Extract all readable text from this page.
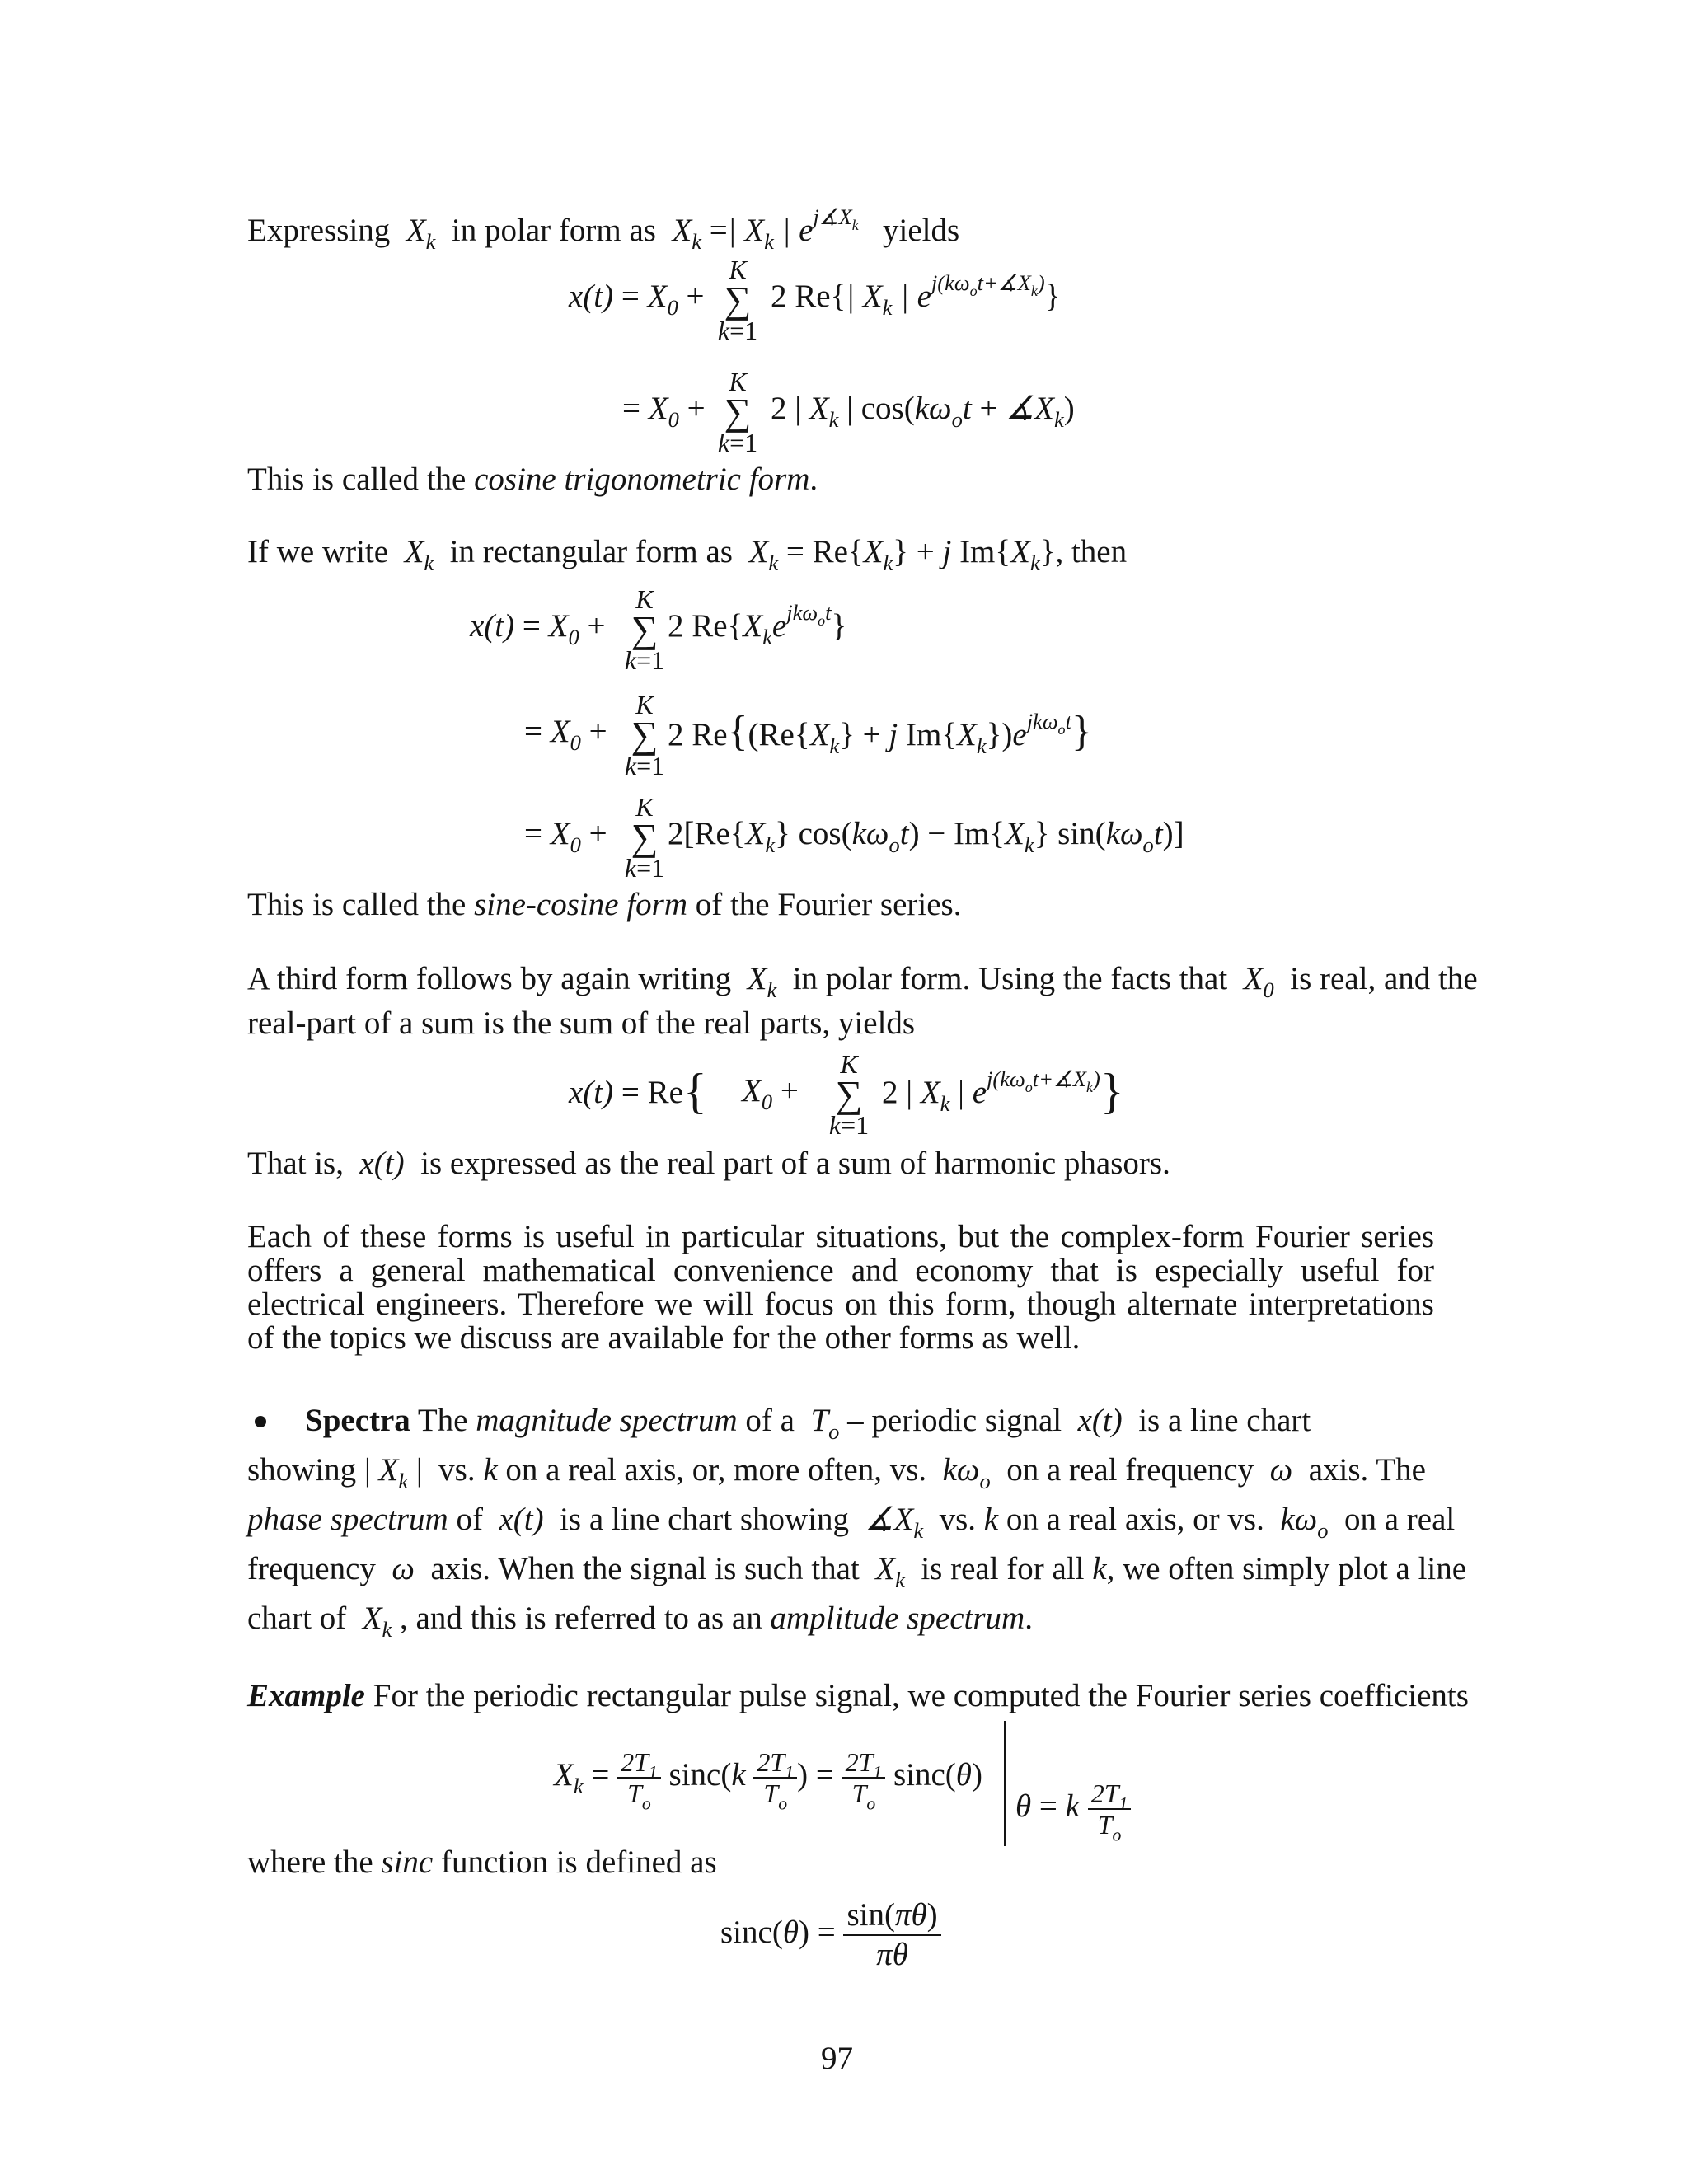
Expressing  $X_k$ in polar form as  $X_k$ =| $X_k$ | $e^{j∡X_k}$ yields
$x(t) = X_0$ +
K
∑
k=1
2 Re{| $X_k$ | $e^{j(k\omega_ot+∡X_k)}$}
= $X_0$ +
K
∑
k=1
2 | $X_k$ | $\cos(k\omega_ot$ + $∡X_k$)
This is called the cosine trigonometric form.
If we write  $X_k$ in rectangular form as  $X_k = Re\{X_k\} + j$ $Im\{X_k\}$, then
$x(t) = X_0$ +
K
∑
k=1
2 $Re\{X_ke^{jk\omega_ot}\}$
= $X_0$ +
K
∑
k=1
2 $Re\{(Re\{X_k\} + j$ $Im\{X_k\})e^{jk\omega_ot}$}
= $X_0$ +
K
∑
k=1
$2[Re\{X_k\} \cos(k\omega_ot) - Im\{X_k\}$ $\sin(k\omega_ot)$]
This is called the sine-cosine form of the Fourier series.
A third form follows by again writing  $X_k$ in polar form. Using the facts that  $X_0$ is real, and the
real-part of a sum is the sum of the real parts, yields
x(t) = Re{ $X_0$ +
K
∑
k=1
2 | $X_k$ | $e^{j(k\omega_ot+∡X_k)}$}
That is,  x(t)  is expressed as the real part of a sum of harmonic phasors.
Each of these forms is useful in particular situations, but the complex-form Fourier series offers a general mathematical convenience and economy that is especially useful for electrical engineers. Therefore we will focus on this form, though alternate interpretations of the topics we discuss are available for the other forms as well.
Spectra The magnitude spectrum of a  $T_o$ – periodic signal  x(t)  is a line chart
showing | $X_k$ | vs. k on a real axis, or, more often, vs.  $k\omega_o$ on a real frequency  ω  axis. The
phase spectrum of  x(t)  is a line chart showing  $∡X_k$ vs. k on a real axis, or vs.  $k\omega_o$ on a real
frequency  ω  axis. When the signal is such that  $X_k$ is real for all k, we often simply plot a line
chart of  $X_k$ , and this is referred to as an amplitude spectrum.
Example For the periodic rectangular pulse signal, we computed the Fourier series coefficients
$X_k = \frac{2T_1}{T_o} \sin c(k \frac{2T_1}{T_o}$ ) = $\frac{2T_1}{T_o} \sin c(\theta)$
θ = k $\frac{2T_1}{T_o}$
where the sinc function is defined as
$\sin c(\theta) = \frac{\sin(\pi\theta)}{\pi\theta}$
97
